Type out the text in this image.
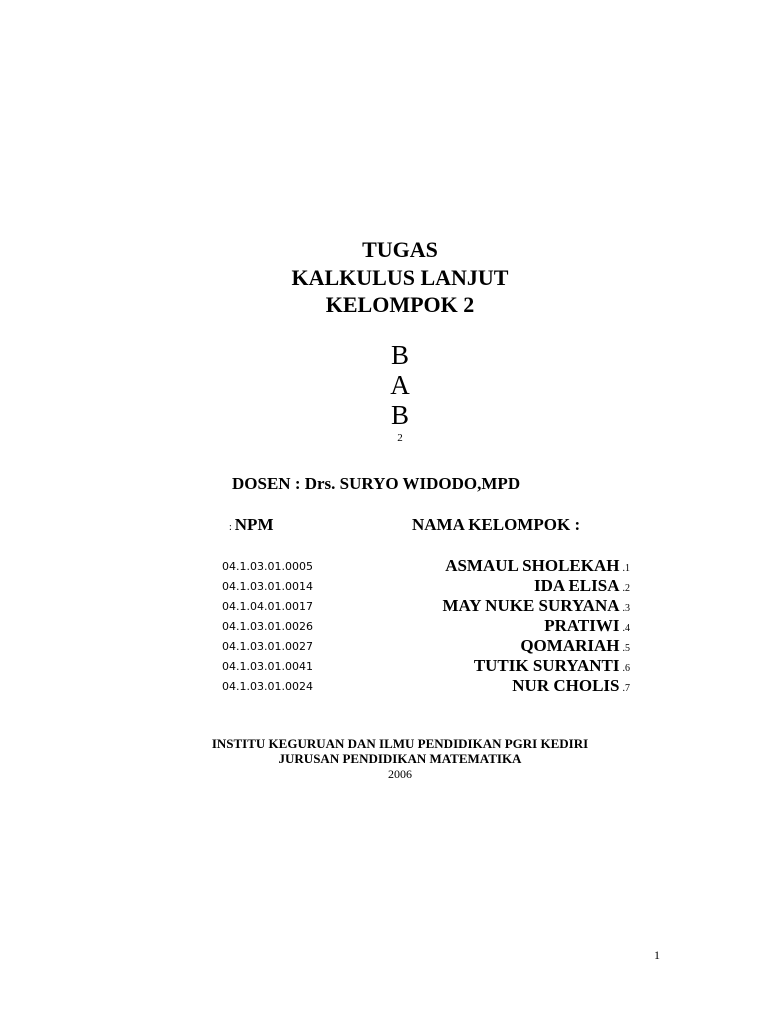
TUGAS
KALKULUS LANJUT
KELOMPOK 2
B
A
B
2
DOSEN : Drs. SURYO WIDODO,MPD
: NPM	NAMA KELOMPOK :
04.1.03.01.0005	ASMAUL SHOLEKAH .1
04.1.03.01.0014	IDA ELISA .2
04.1.04.01.0017	MAY NUKE SURYANA .3
04.1.03.01.0026	PRATIWI .4
04.1.03.01.0027	QOMARIAH .5
04.1.03.01.0041	TUTIK SURYANTI .6
04.1.03.01.0024	NUR CHOLIS .7
INSTITU KEGURUAN DAN ILMU PENDIDIKAN PGRI KEDIRI
JURUSAN PENDIDIKAN MATEMATIKA
2006
1
